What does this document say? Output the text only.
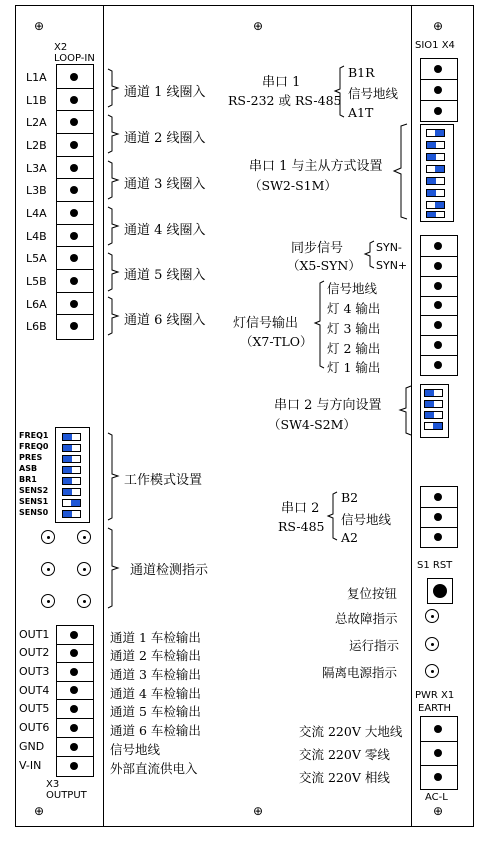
⊕	⊕	⊕
⊕	⊕	⊕
X2
LOOP-IN
L1A
L1B
L2A
L2B
L3A
L3B
L4A
L4B
L5A
L5B
L6A
L6B
FREQ1
FREQ0
PRES
ASB
BR1
SENS2
SENS1
SENS0
OUT1
OUT2
OUT3
OUT4
OUT5
OUT6
GND
V-IN
X3
OUTPUT
SIO1 X4
S1 RST
PWR X1
EARTH
AC-L
通道 1 线圈入
通道 2 线圈入
通道 3 线圈入
通道 4 线圈入
通道 5 线圈入
通道 6 线圈入
工作模式设置
通道检测指示
通道 1 车检输出
通道 2 车检输出
通道 3 车检输出
通道 4 车检输出
通道 5 车检输出
通道 6 车检输出
信号地线
外部直流供电入
串口 1
RS-232 或 RS-485
B1R
信号地线
A1T
串口 1 与主从方式设置
（SW2-S1M）
同步信号
（X5-SYN）
SYN-
SYN+
灯信号输出
（X7-TLO）
信号地线
灯 4 输出
灯 3 输出
灯 2 输出
灯 1 输出
串口 2 与方向设置
（SW4-S2M）
串口 2
RS-485
B2
信号地线
A2
复位按钮
总故障指示
运行指示
隔离电源指示
交流 220V 大地线
交流 220V 零线
交流 220V 相线
